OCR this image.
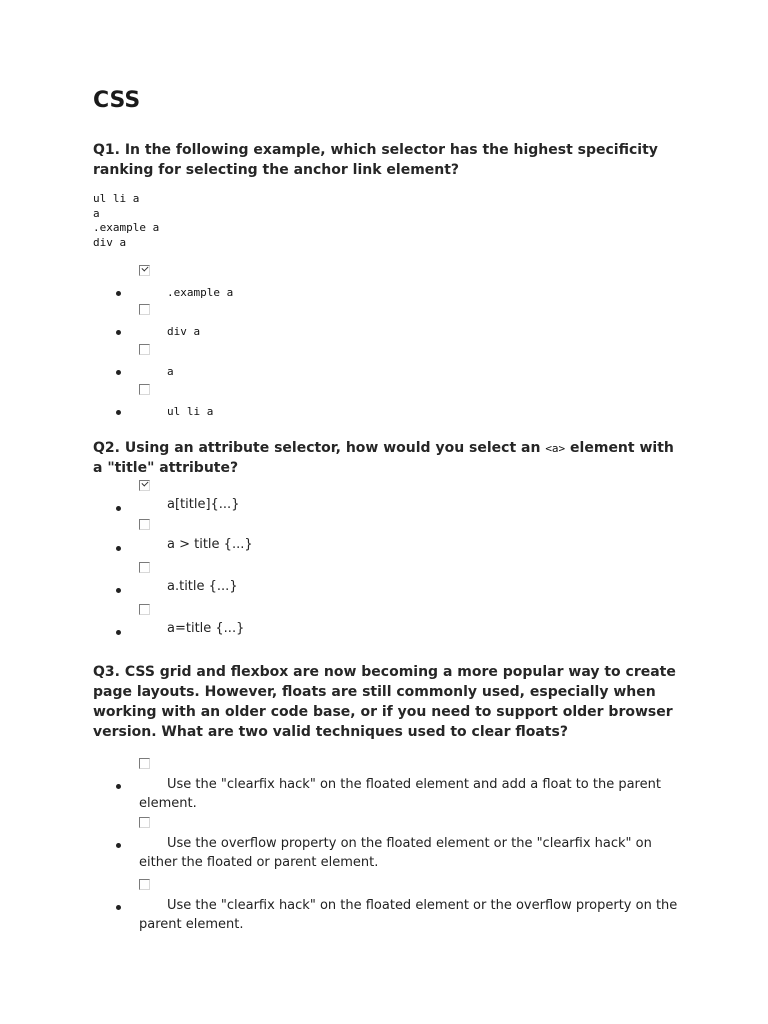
CSS
Q1. In the following example, which selector has the highest specificity ranking for selecting the anchor link element?
ul li a
a
.example a
div a
.example a
div a
a
ul li a
Q2. Using an attribute selector, how would you select an <a> element with a "title" attribute?
a[title]{...}
a > title {...}
a.title {...}
a=title {...}
Q3. CSS grid and flexbox are now becoming a more popular way to create page layouts. However, floats are still commonly used, especially when working with an older code base, or if you need to support older browser version. What are two valid techniques used to clear floats?
Use the "clearfix hack" on the floated element and add a float to the parent element.
Use the overflow property on the floated element or the "clearfix hack" on either the floated or parent element.
Use the "clearfix hack" on the floated element or the overflow property on the parent element.
